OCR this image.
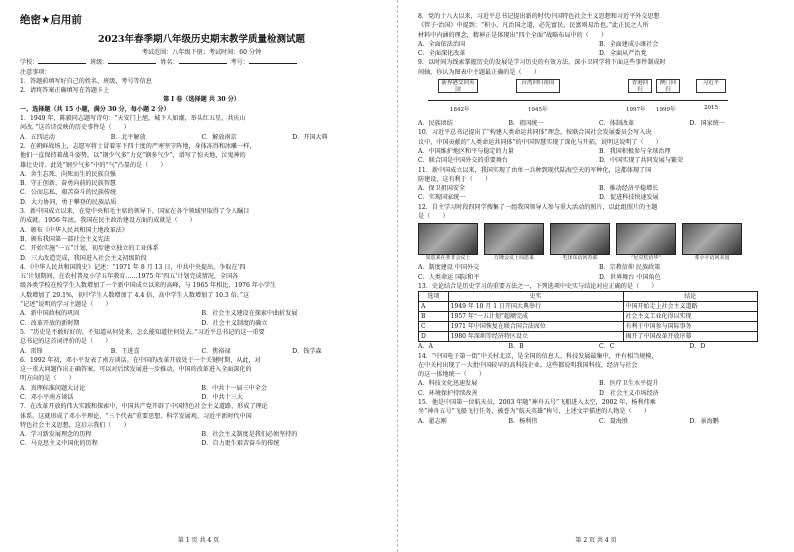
绝密★启用前
2023年春季期八年级历史期末教学质量检测试题
考试范围：八年级下册；考试时间：60 分钟
学校：	班级：	姓名：	考号：
注意事项：
1．答题前填写好自己的姓名、班级、考号等信息
2．请将答案正确填写在答题卡上
第 I 卷（选择题 共 30 分）
一、选择题（共 15 小题，满分 30 分，每小题 2 分）
1．1949 年，陈毅同志题写诗句：“天安门上旭，城下人如潮，举头红五星，共庆山
河改。”这首诗反映的历史事件是（　　）
A．五四运动	B．北平解放	C．解放南京	D．开国大典
2．在朝鲜战场上，志愿军将士冒着零下四十度的严寒坚守阵地，身体冻得和冰雕一样，
他们一直保持着战斗姿势，以“钢少气多”力克“钢多气少”，谱写了惊天地、泣鬼神的
雄壮史诗。此处“钢少气多”中的“气”凸显的是（　　）
A．舍生忘死、向死而生的民族自强
B．守正创新、奋勇向前的民族智慧
C．公而忘私、艰苦奋斗的民族传统
D．大力协同、勇于攀登的民族品质
3．新中国成立以来，在党中央和毛主席的领导下，国家在各个领域里取得了令人瞩目
的成就。1956 年底，我国在民主政治建设方面的成就是（　　）
A．颁布《中华人民共和国土地改革法》
B．颁布我国第一部社会主义宪法
C．开始实施“一五”计划，初步建立独立的工业体系
D．三大改造完成，我国进入社会主义初级阶段
4．《中华人民共和国简史》记述：“1971 年 8 月 13 日，中共中央提出，争取在‘四
五’计划期间，在农村普及小学五年教育……1975 年‘四五’计划完成情况，全国各
级各类学校在校学生人数增加了一个新中国成立以来的高峰，与 1965 年相比，1976 年小学生
人数增加了 29.1%，初中学生人数增加了 4.4 倍，高中学生人数增加了 10.3 倍。”这
“记述”说明的学习主题是（　　）
A．新中国政权的巩固	B．社会主义建设在探索中曲折发展
C．改革开放的新时期	D．社会主义制度的确立
5．“历史是不敢好好的，不知道从何处来，怎么能知道往何处去。”习近平总书记的这一重要
总书记的这首词评价的是（　　）
A．雷锋	B．王进喜	C．焦裕禄	D．钱学森
6．1992 年初，邓小平发表了南方谈话。在中国的改革开放处于一个关键时期，从此，对
这一重大问题作出正确答案，可以对后续发展进一步推动，中国的改革进入全面深化的
明方向的是（　　）
A．真理标准问题大讨论	B．中共十一届三中全会
C．邓小平南方谈话	D．中共十三大
7．在改革开放的伟大实践和探索中，中国共产党开辟了中国特色社会主义道路，形成了理论
体系。这就形成了邓小平理论、“三个代表”重要思想、科学发展观、习近平新时代中国
特色社会主义思想，这启示我们（　　）
A．学习新发展理念的历程	B．社会主义制度是我们必须坚持的
C．马克思主义中国化的历程	D．自力更生艰苦奋斗的传统
第 1 页 共 4 页
8．党的十八大以来，习近平总书记提出新的时代中国特色社会主义思想和习近平外交思想
《管子·治国》中提到：“积小、凡治国之道，必先富民，民富则易治也。”此正民之人所
材料中内涵的理念，精神正是体现出“四个全面”战略布局中的（　　）
A．全面依法治国	B．全面建成小康社会
C．全面深化改革	D．全面从严治党
9．以时间为线索掌握历史的发展是学习历史的有效方法，深小卫同学将下面这些事件制成时
间轴，你认为图表中主题最正确的是（　　）
新界港交回英国
台湾回归祖国	香港回归
澳门回归
习近平
1842年	1945年	1997年 1999年	2015
A．民族团结	B．祖国统一	C．体制改革	D．国家统一
10．习近平总书记提出了“构建人类命运共同体”理念，按联合国社会发展委员会写入决
议中，中国贡献的“人类命运共同体”的中国智慧实现了深化与开拓，说明这说明了（　　）
A．中国维护地区和平与稳定的力量	B．我国积极参与全球治理
C．联合国是中国外交的重要舞台	D．中国实现了共同发展与繁荣
11．新中国成立以来，我国实现了由单一兵种到现代陆海空天的军种化，这都体现了国
防建设，这有利于（　　）
A．保卫祖国安全	B．推动经济平稳增长
C．实现国家统一	D．促进科技快速发展
12．自主学习时段四同学搜集了一组我国领导人参与重大活动的照片，以此组照片的主题
是（　　）
周恩来在亚非会议上	万隆会议上周恩来	毛泽东访问苏联	“尼克松访华”	邓小平访问美国
A．制度建设 中国外交	B．宗教信仰 民族政策
C．人类命运 国际和平	D．世界舞台 中国角色
13．史论结合是历史学习的重要方法之一，下列选项中史实与结论对应正确的是（　　）
选项	史实	结论
A	1949 年 10 月 1 日开国大典举行	中国开始走上社会主义道路
B	1957 年“一五计划”超额完成	社会主义工业化得以实现
C	1971 年中国恢复在联合国合法席位	有利于中国参与国际事务
D	1980 年深圳等经济特区设立	揭开了中国改革开放序幕
A．A	B．B	C．C	D．D
14．“中国电子第一街”中关村北京，是全国的信息人、科技发展最集中，并有相当规模，
在中关村出现了一大批中国较早的高科技企业。这些都说明我国科技、经济与社会
的这一体地统一（　　）
A．科技文化迅速发展	B．医疗卫生水平提升
C．环境保护持续改善	D．社会主义市场经济
15．他是中国第一位航天员，2003 年随“神舟五号”飞船进入太空，2002 年，杨利伟乘
坐“神舟五号”飞船飞行任务，被誉为“航天英雄”称号，上述文字描述的人物是（　　）
A．翟志刚	B．杨利伟	C．聂海胜	D．景海鹏
第 2 页 共 4 页
